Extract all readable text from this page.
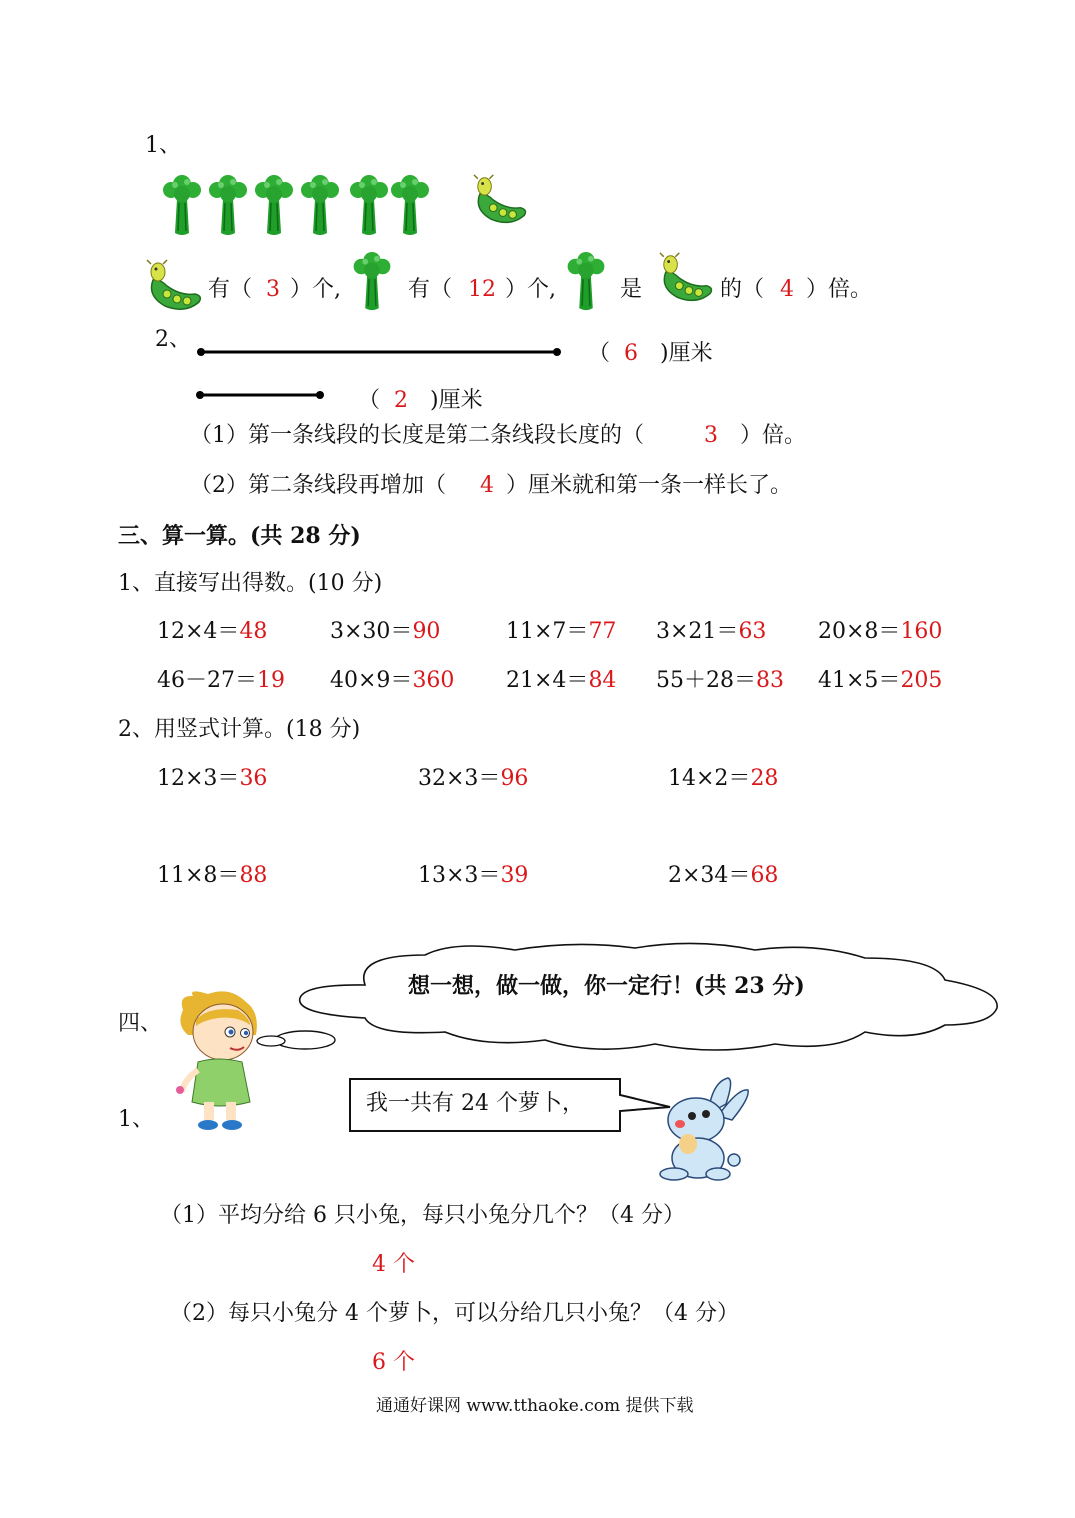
1、
有（ 3 ）个,	有（ 12 ）个,	是	的（ 4 ）倍。
2、
（ 6 )厘米
（ 2 )厘米
（1）第一条线段的长度是第二条线段长度的（	3 ）倍。
（2）第二条线段再增加（ 4 ）厘米就和第一条一样长了。
三、算一算。(共 28 分)
1、直接写出得数。(10 分)
12×4＝48	3×30＝90	11×7＝77 3×21＝63 20×8＝160
46－27＝19 40×9＝360 21×4＝84 55＋28＝83 41×5＝205
2、用竖式计算。(18 分)
12×3＝36	32×3＝96	14×2＝28
11×8＝88	13×3＝39	2×34＝68
想一想，做一做，你一定行！(共 23 分)
四、
1、
我一共有 24 个萝卜，
（1）平均分给 6 只小兔，每只小兔分几个？（4 分）
4 个
（2）每只小兔分 4 个萝卜，可以分给几只小兔？（4 分）
6 个
通通好课网 www.tthaoke.com 提供下载
